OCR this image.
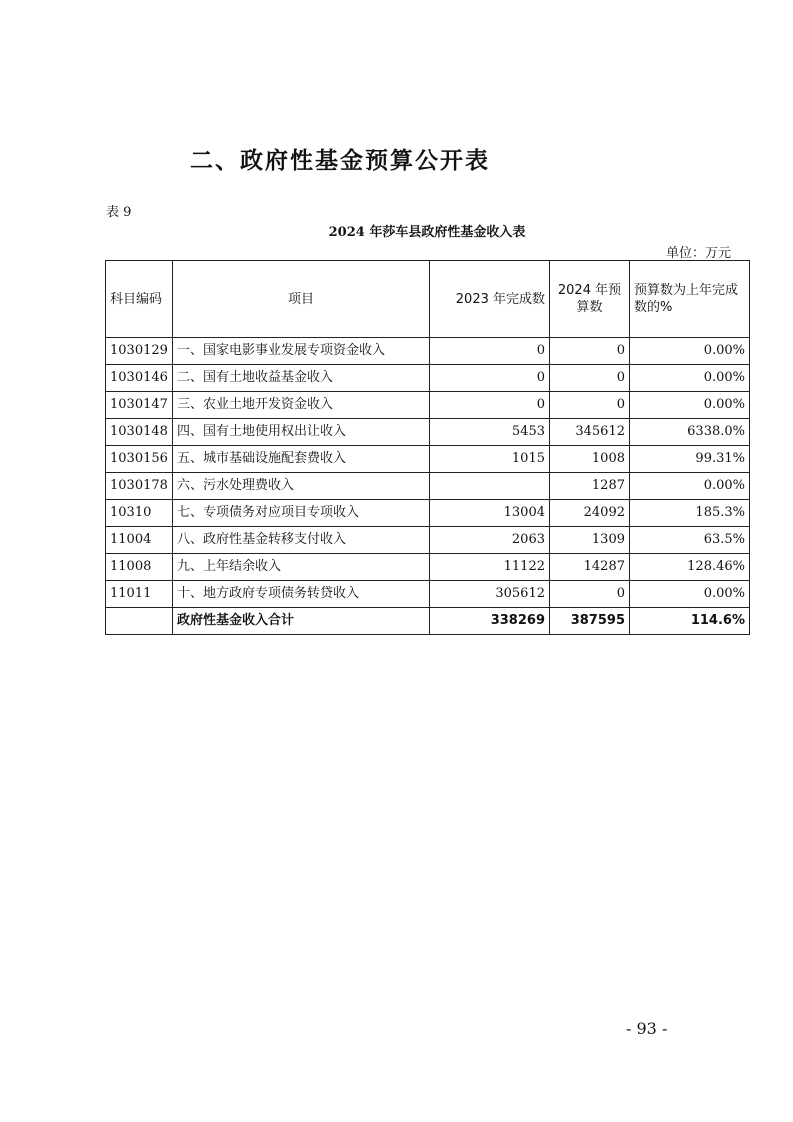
二、政府性基金预算公开表
表 9
2024 年莎车县政府性基金收入表
单位：万元
科目编码	项目	2023 年完成数	2024 年预算数	预算数为上年完成数的%
1030129	一、国家电影事业发展专项资金收入	0	0	0.00%
1030146	二、国有土地收益基金收入	0	0	0.00%
1030147	三、农业土地开发资金收入	0	0	0.00%
1030148	四、国有土地使用权出让收入	5453	345612	6338.0%
1030156	五、城市基础设施配套费收入	1015	1008	99.31%
1030178	六、污水处理费收入		1287	0.00%
10310	七、专项债务对应项目专项收入	13004	24092	185.3%
11004	八、政府性基金转移支付收入	2063	1309	63.5%
11008	九、上年结余收入	11122	14287	128.46%
11011	十、地方政府专项债务转贷收入	305612	0	0.00%
	政府性基金收入合计	338269	387595	114.6%
- 93 -
